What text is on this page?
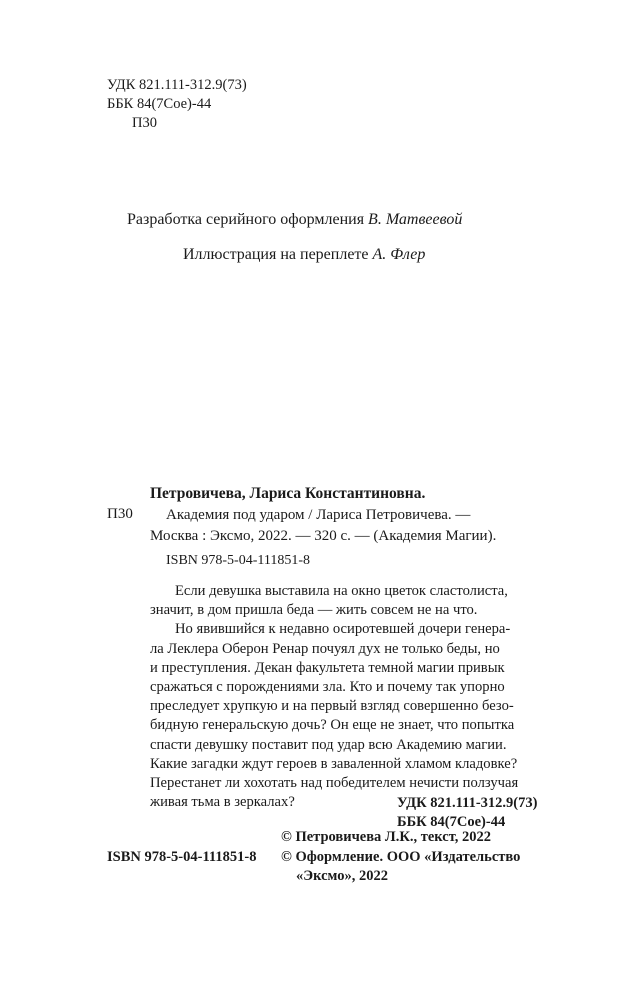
УДК 821.111-312.9(73)
ББК 84(7Сое)-44
П30
Разработка серийного оформления В. Матвеевой
Иллюстрация на переплете А. Флер
Петровичева, Лариса Константиновна.
П30 Академия под ударом / Лариса Петровичева. —
Москва : Эксмо, 2022. — 320 с. — (Академия Магии).
ISBN 978-5-04-111851-8
Если девушка выставила на окно цветок сластолиста,
значит, в дом пришла беда — жить совсем не на что.
Но явившийся к недавно осиротевшей дочери генера-
ла Леклера Оберон Ренар почуял дух не только беды, но
и преступления. Декан факультета темной магии привык
сражаться с порождениями зла. Кто и почему так упорно
преследует хрупкую и на первый взгляд совершенно безо-
бидную генеральскую дочь? Он еще не знает, что попытка
спасти девушку поставит под удар всю Академию магии.
Какие загадки ждут героев в заваленной хламом кладовке?
Перестанет ли хохотать над победителем нечисти ползучая
живая тьма в зеркалах?	УДК 821.111-312.9(73)
ББК 84(7Сое)-44
© Петровичева Л.К., текст, 2022
© Оформление. ООО «Издательство
«Эксмо», 2022
ISBN 978-5-04-111851-8
